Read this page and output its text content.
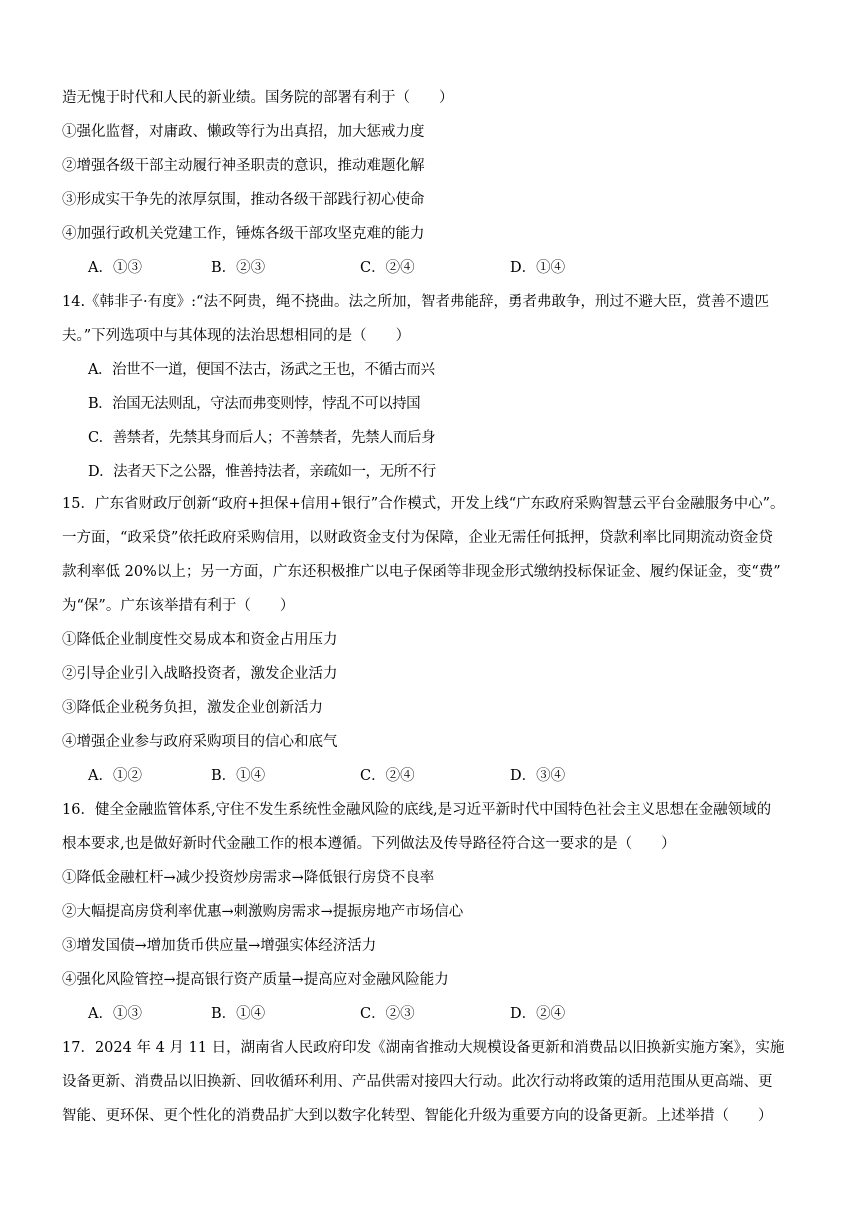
造无愧于时代和人民的新业绩。国务院的部署有利于（　　）
①强化监督，对庸政、懒政等行为出真招，加大惩戒力度
②增强各级干部主动履行神圣职责的意识，推动难题化解
③形成实干争先的浓厚氛围，推动各级干部践行初心使命
④加强行政机关党建工作，锤炼各级干部攻坚克难的能力
A．①③	B．②③	C．②④	D．①④
14.《韩非子·有度》:“法不阿贵，绳不挠曲。法之所加，智者弗能辞，勇者弗敢争，刑过不避大臣，赏善不遗匹
夫。”下列选项中与其体现的法治思想相同的是（　　）
A．治世不一道，便国不法古，汤武之王也，不循古而兴
B．治国无法则乱，守法而弗变则悖，悖乱不可以持国
C．善禁者，先禁其身而后人；不善禁者，先禁人而后身
D．法者天下之公器，惟善持法者，亲疏如一，无所不行
15．广东省财政厅创新“政府+担保+信用+银行”合作模式，开发上线“广东政府采购智慧云平台金融服务中心”。
一方面，“政采贷”依托政府采购信用，以财政资金支付为保障，企业无需任何抵押，贷款利率比同期流动资金贷
款利率低 20%以上；另一方面，广东还积极推广以电子保函等非现金形式缴纳投标保证金、履约保证金，变“费”
为“保”。广东该举措有利于（　　）
①降低企业制度性交易成本和资金占用压力
②引导企业引入战略投资者，激发企业活力
③降低企业税务负担，激发企业创新活力
④增强企业参与政府采购项目的信心和底气
A．①②	B．①④	C．②④	D．③④
16．健全金融监管体系,守住不发生系统性金融风险的底线,是习近平新时代中国特色社会主义思想在金融领域的
根本要求,也是做好新时代金融工作的根本遵循。下列做法及传导路径符合这一要求的是（　　）
①降低金融杠杆→减少投资炒房需求→降低银行房贷不良率
②大幅提高房贷利率优惠→刺激购房需求→提振房地产市场信心
③增发国债→增加货币供应量→增强实体经济活力
④强化风险管控→提高银行资产质量→提高应对金融风险能力
A．①③	B．①④	C．②③	D．②④
17．2024 年 4 月 11 日，湖南省人民政府印发《湖南省推动大规模设备更新和消费品以旧换新实施方案》，实施
设备更新、消费品以旧换新、回收循环利用、产品供需对接四大行动。此次行动将政策的适用范围从更高端、更
智能、更环保、更个性化的消费品扩大到以数字化转型、智能化升级为重要方向的设备更新。上述举措（　　）
